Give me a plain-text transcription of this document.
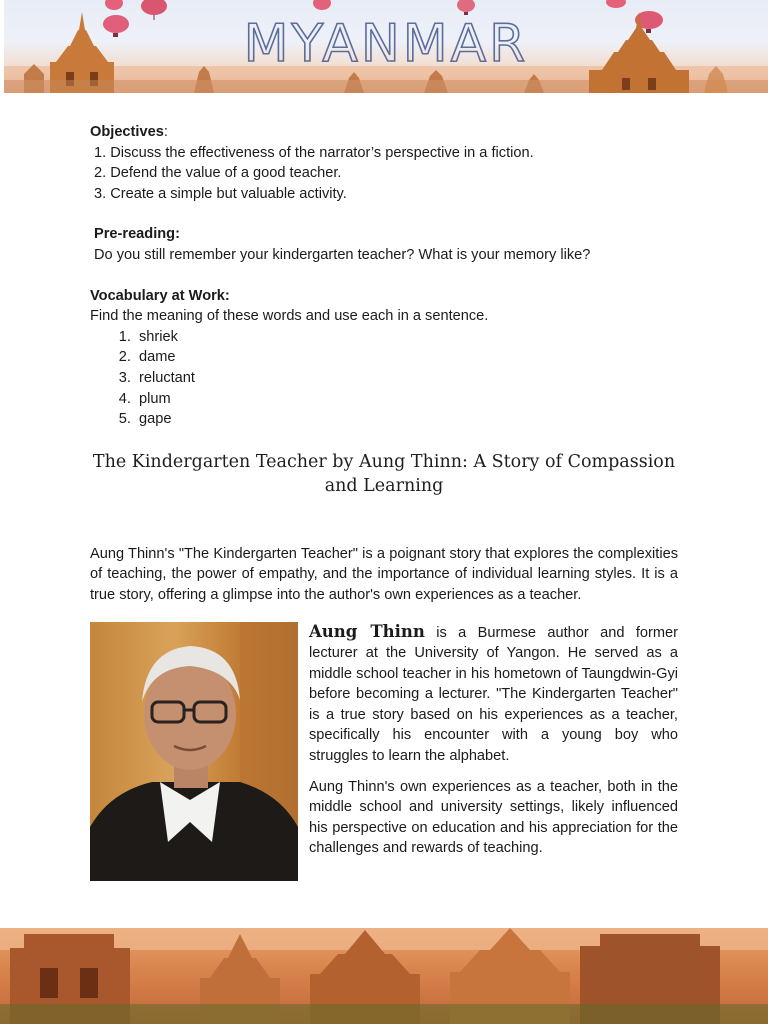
MYANMAR
Objectives:
1. Discuss the effectiveness of the narrator’s perspective in a fiction.
2. Defend the value of a good teacher.
3. Create a simple but valuable activity.
Pre-reading:
Do you still remember your kindergarten teacher? What is your memory like?
Vocabulary at Work:
Find the meaning of these words and use each in a sentence.
1. shriek
2. dame
3. reluctant
4. plum
5. gape
The Kindergarten Teacher by Aung Thinn: A Story of Compassion and Learning

Aung Thinn's "The Kindergarten Teacher" is a poignant story that explores the complexities of teaching, the power of empathy, and the importance of individual learning styles. It is a true story, offering a glimpse into the author's own experiences as a teacher.

Aung Thinn is a Burmese author and former lecturer at the University of Yangon. He served as a middle school teacher in his hometown of Taungdwin-Gyi before becoming a lecturer. "The Kindergarten Teacher" is a true story based on his experiences as a teacher, specifically his encounter with a young boy who struggles to learn the alphabet.

Aung Thinn's own experiences as a teacher, both in the middle school and university settings, likely influenced his perspective on education and his appreciation for the challenges and rewards of teaching.
